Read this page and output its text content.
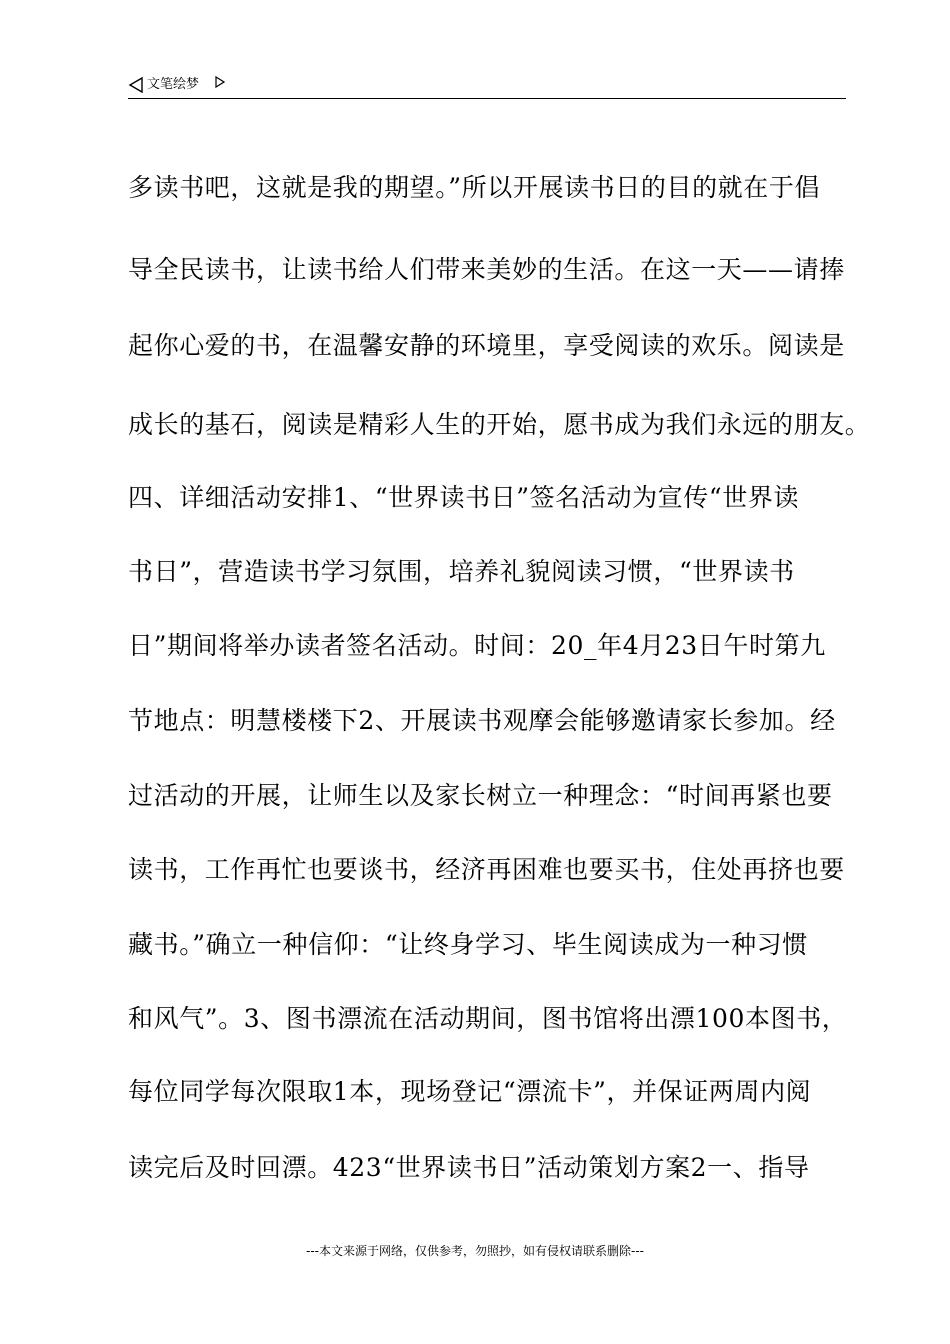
文笔绘梦
多读书吧，这就是我的期望。”所以开展读书日的目的就在于倡
导全民读书，让读书给人们带来美妙的生活。在这一天——请捧
起你心爱的书，在温馨安静的环境里，享受阅读的欢乐。阅读是
成长的基石，阅读是精彩人生的开始，愿书成为我们永远的朋友。
四、详细活动安排1、“世界读书日”签名活动为宣传“世界读
书日”，营造读书学习氛围，培养礼貌阅读习惯，“世界读书
日”期间将举办读者签名活动。时间：20_年4月23日午时第九
节地点：明慧楼楼下2、开展读书观摩会能够邀请家长参加。经
过活动的开展，让师生以及家长树立一种理念：“时间再紧也要
读书，工作再忙也要谈书，经济再困难也要买书，住处再挤也要
藏书。”确立一种信仰：“让终身学习、毕生阅读成为一种习惯
和风气”。3、图书漂流在活动期间，图书馆将出漂100本图书，
每位同学每次限取1本，现场登记“漂流卡”，并保证两周内阅
读完后及时回漂。423“世界读书日”活动策划方案2一、指导
---本文来源于网络，仅供参考，勿照抄，如有侵权请联系删除---
